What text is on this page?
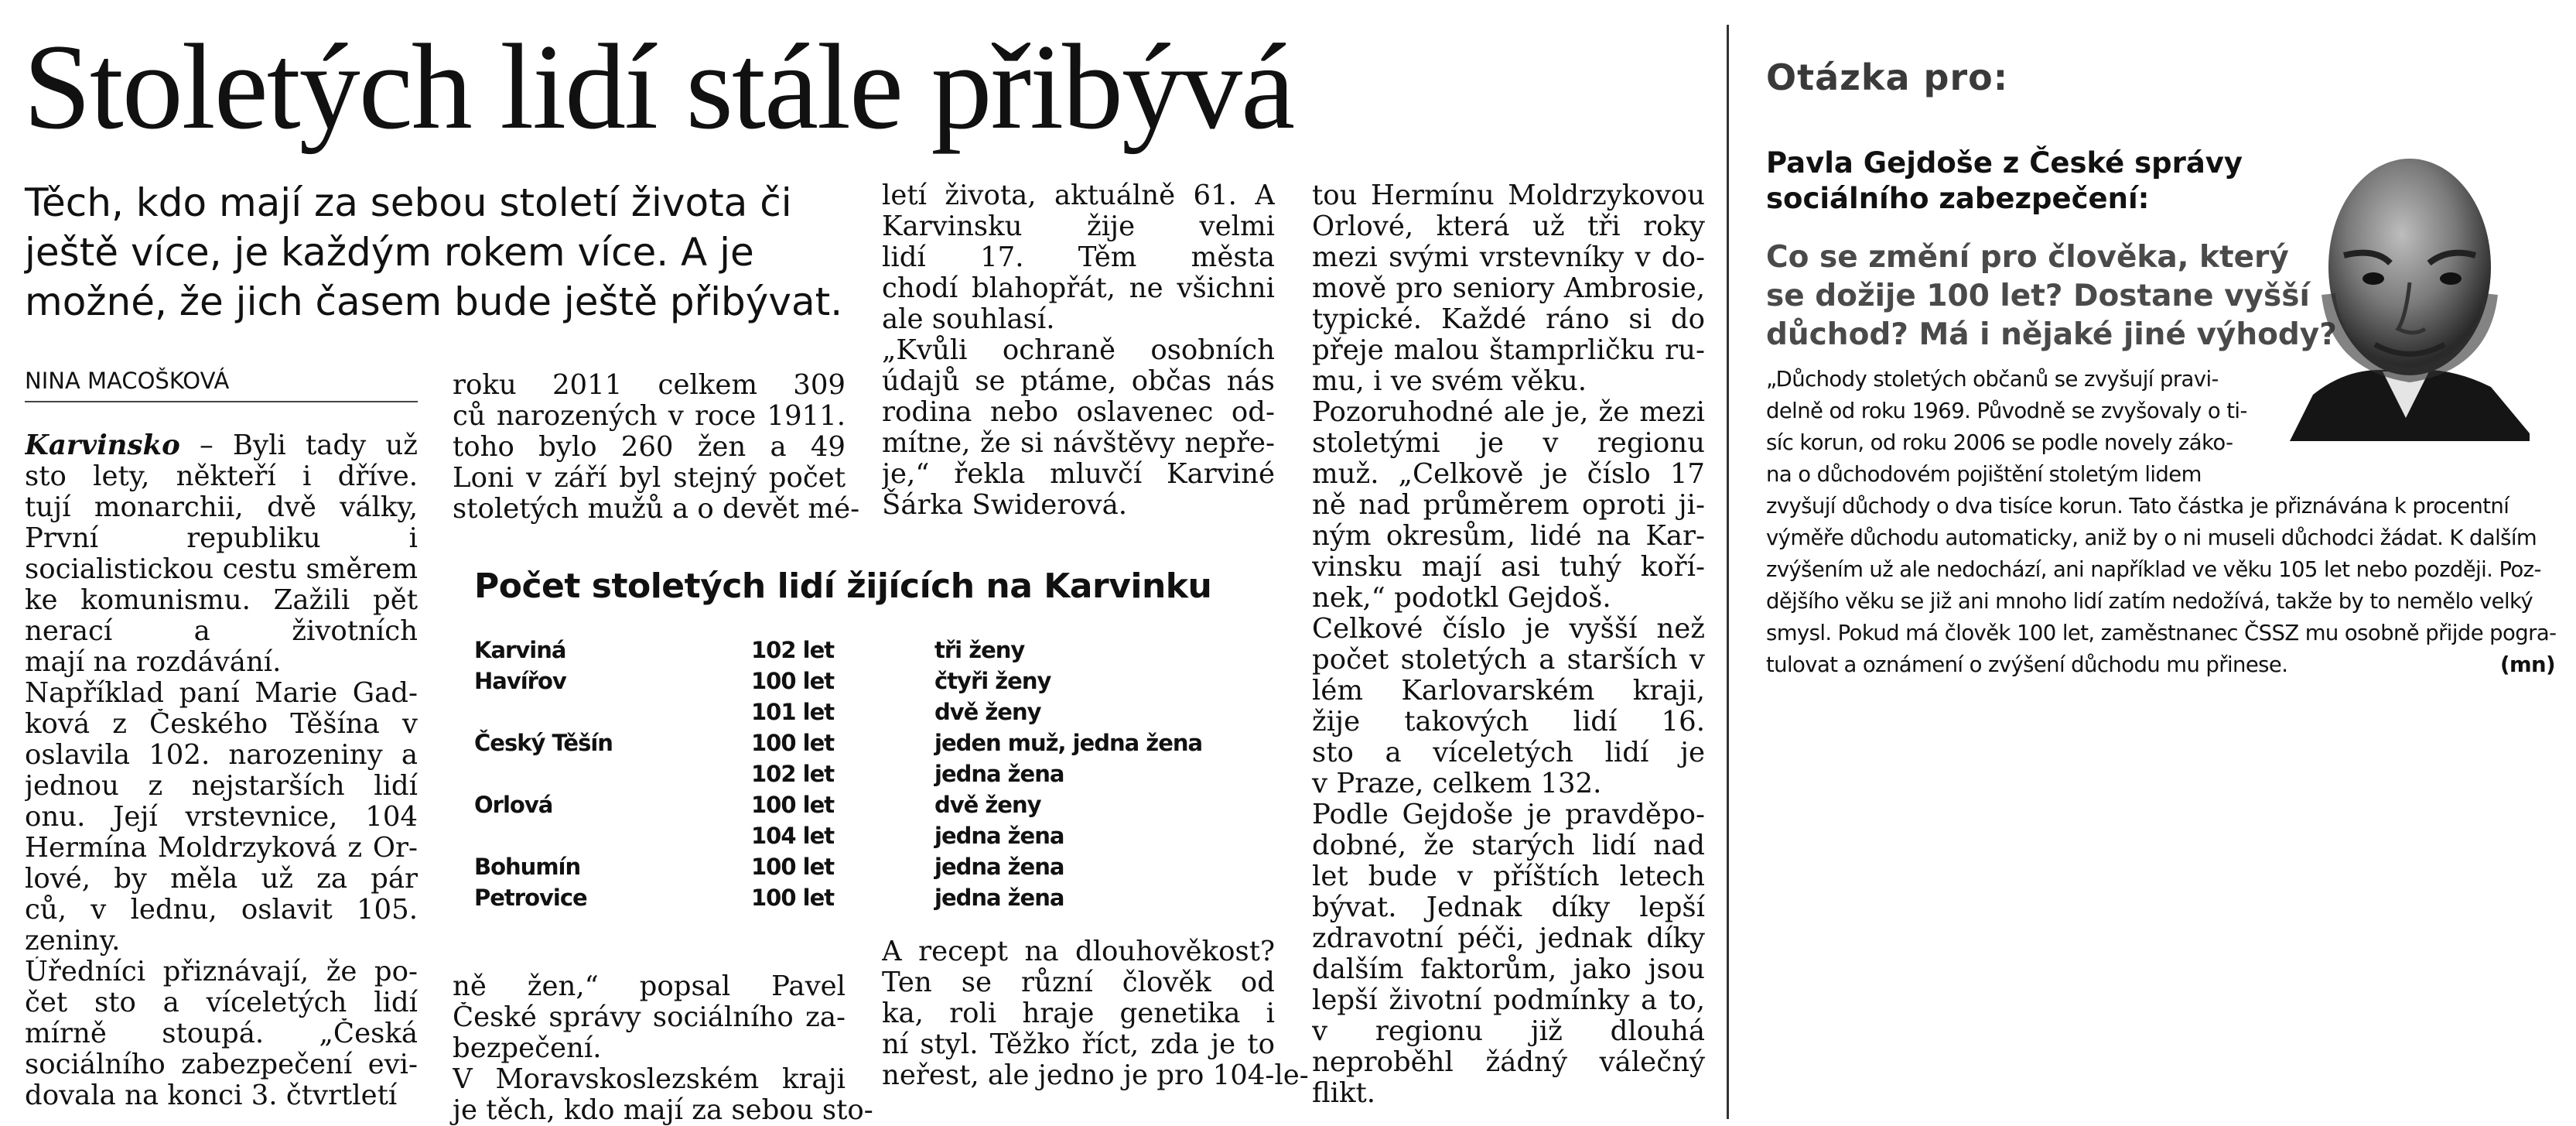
Stoletých lidí stále přibývá
Těch, kdo mají za sebou století života či
ještě více, je každým rokem více. A je
možné, že jich časem bude ještě přibývat.
NINA MACOŠKOVÁ
Karvinsko – Byli tady už
sto lety, někteří i dříve.
tují monarchii, dvě války,
První republiku i
socialistickou cestu směrem
ke komunismu. Zažili pět
nerací a životních
mají na rozdávání.
Například paní Marie Gad-
ková z Českého Těšína v
oslavila 102. narozeniny a
jednou z nejstarších lidí
onu. Její vrstevnice, 104
Hermína Moldrzyková z Or-
lové, by měla už za pár
ců, v lednu, oslavit 105.
zeniny.
Úředníci přiznávají, že po-
čet sto a víceletých lidí
mírně stoupá. „Česká
sociálního zabezpečení evi-
dovala na konci 3. čtvrtletí
roku 2011 celkem 309
ců narozených v roce 1911.
toho bylo 260 žen a 49
Loni v září byl stejný počet
stoletých mužů a o devět mé-
letí života, aktuálně 61. A
Karvinsku žije velmi
lidí 17. Těm města
chodí blahopřát, ne všichni
ale souhlasí.
„Kvůli ochraně osobních
údajů se ptáme, občas nás
rodina nebo oslavenec od-
mítne, že si návštěvy nepře-
je,“ řekla mluvčí Karviné
Šárka Swiderová.
tou Hermínu Moldrzykovou
Orlové, která už tři roky
mezi svými vrstevníky v do-
mově pro seniory Ambrosie,
typické. Každé ráno si do
přeje malou štamprličku ru-
mu, i ve svém věku.
Pozoruhodné ale je, že mezi
stoletými je v regionu
muž. „Celkově je číslo 17
ně nad průměrem oproti ji-
ným okresům, lidé na Kar-
vinsku mají asi tuhý koří-
nek,“ podotkl Gejdoš.
Celkové číslo je vyšší než
počet stoletých a starších v
lém Karlovarském kraji,
žije takových lidí 16.
sto a víceletých lidí je
v Praze, celkem 132.
Podle Gejdoše je pravděpo-
dobné, že starých lidí nad
let bude v příštích letech
bývat. Jednak díky lepší
zdravotní péči, jednak díky
dalším faktorům, jako jsou
lepší životní podmínky a to,
v regionu již dlouhá
neproběhl žádný válečný
flikt.
ně žen,“ popsal Pavel
České správy sociálního za-
bezpečení.
V Moravskoslezském kraji
je těch, kdo mají za sebou sto-
A recept na dlouhověkost?
Ten se různí člověk od
ka, roli hraje genetika i
ní styl. Těžko říct, zda je to
neřest, ale jedno je pro 104-le-
Počet stoletých lidí žijících na Karvinku
Karviná	102 let	tři ženy
Havířov	100 let	čtyři ženy
101 let	dvě ženy
Český Těšín	100 let	jeden muž, jedna žena
102 let	jedna žena
Orlová	100 let	dvě ženy
104 let	jedna žena
Bohumín	100 let	jedna žena
Petrovice	100 let	jedna žena
Otázka pro:
Pavla Gejdoše z České správy
sociálního zabezpečení:
Co se změní pro člověka, který
se dožije 100 let? Dostane vyšší
důchod? Má i nějaké jiné výhody?
„Důchody stoletých občanů se zvyšují pravi-
delně od roku 1969. Původně se zvyšovaly o ti-
síc korun, od roku 2006 se podle novely záko-
na o důchodovém pojištění stoletým lidem
zvyšují důchody o dva tisíce korun. Tato částka je přiznávána k procentní
výměře důchodu automaticky, aniž by o ni museli důchodci žádat. K dalším
zvýšením už ale nedochází, ani například ve věku 105 let nebo později. Poz-
dějšího věku se již ani mnoho lidí zatím nedožívá, takže by to nemělo velký
smysl. Pokud má člověk 100 let, zaměstnanec ČSSZ mu osobně přijde pogra-
tulovat a oznámení o zvýšení důchodu mu přinese.	(mn)
